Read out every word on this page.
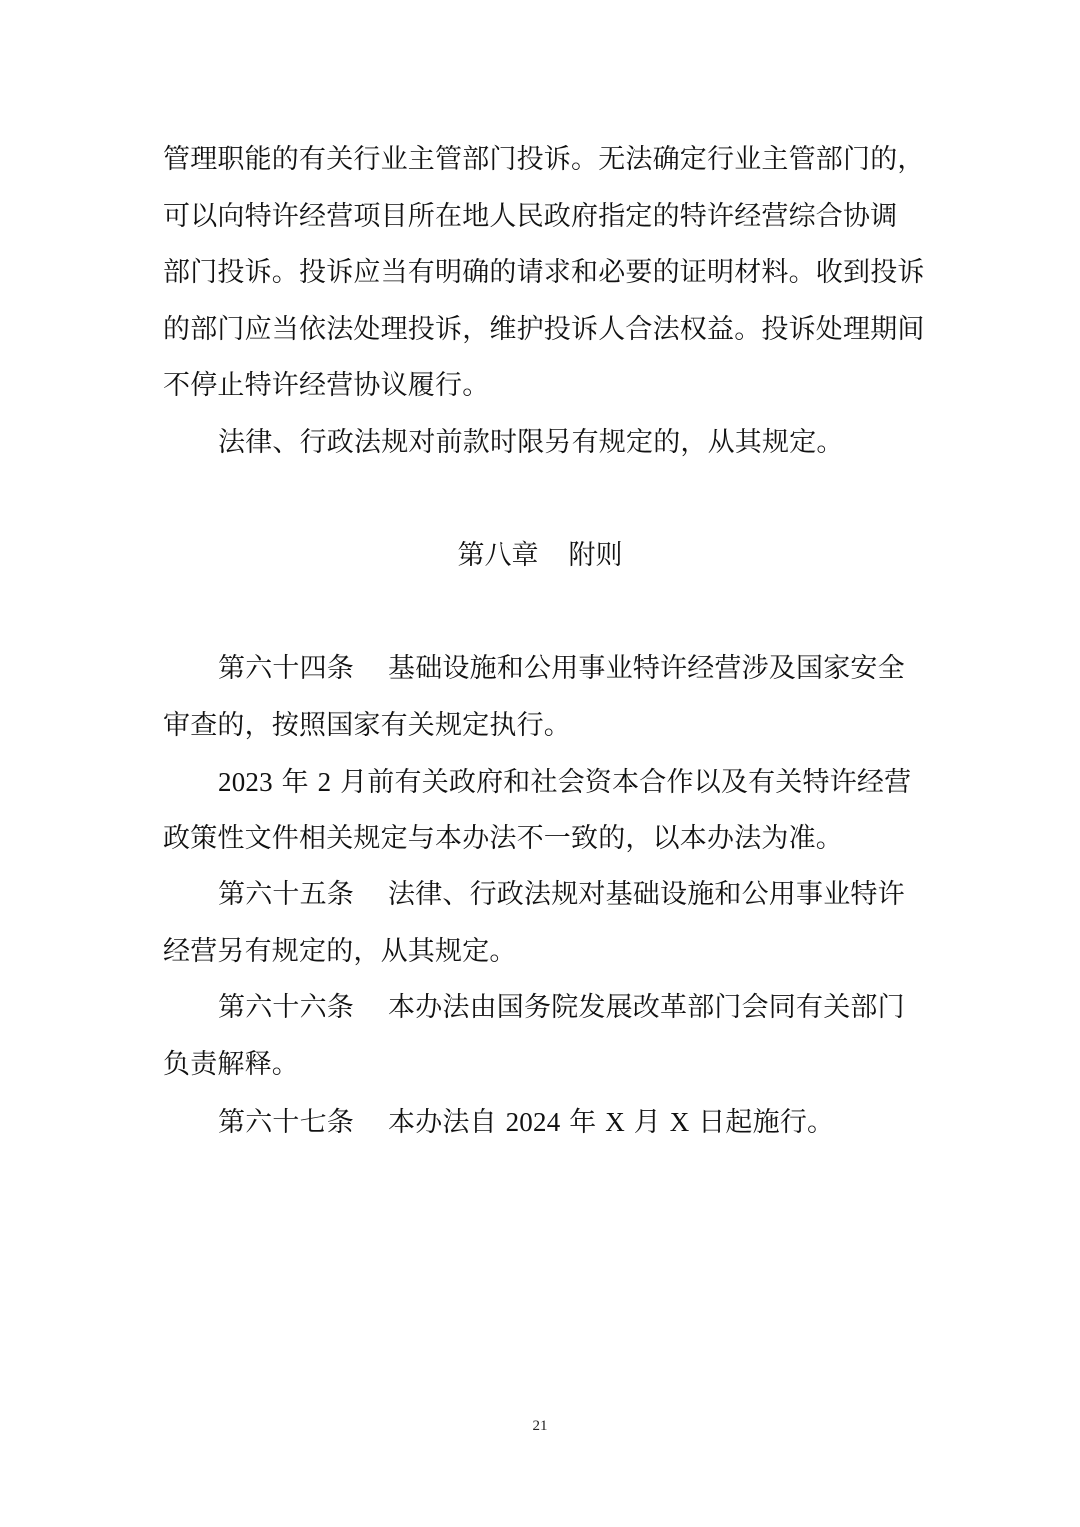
管理职能的有关行业主管部门投诉。无法确定行业主管部门的，
可以向特许经营项目所在地人民政府指定的特许经营综合协调
部门投诉。投诉应当有明确的请求和必要的证明材料。收到投诉
的部门应当依法处理投诉，维护投诉人合法权益。投诉处理期间
不停止特许经营协议履行。
法律、行政法规对前款时限另有规定的，从其规定。
第八章 附则
第六十四条 基础设施和公用事业特许经营涉及国家安全
审查的，按照国家有关规定执行。
2023 年 2 月前有关政府和社会资本合作以及有关特许经营
政策性文件相关规定与本办法不一致的，以本办法为准。
第六十五条 法律、行政法规对基础设施和公用事业特许
经营另有规定的，从其规定。
第六十六条 本办法由国务院发展改革部门会同有关部门
负责解释。
第六十七条 本办法自 2024 年 X 月 X 日起施行。
21
